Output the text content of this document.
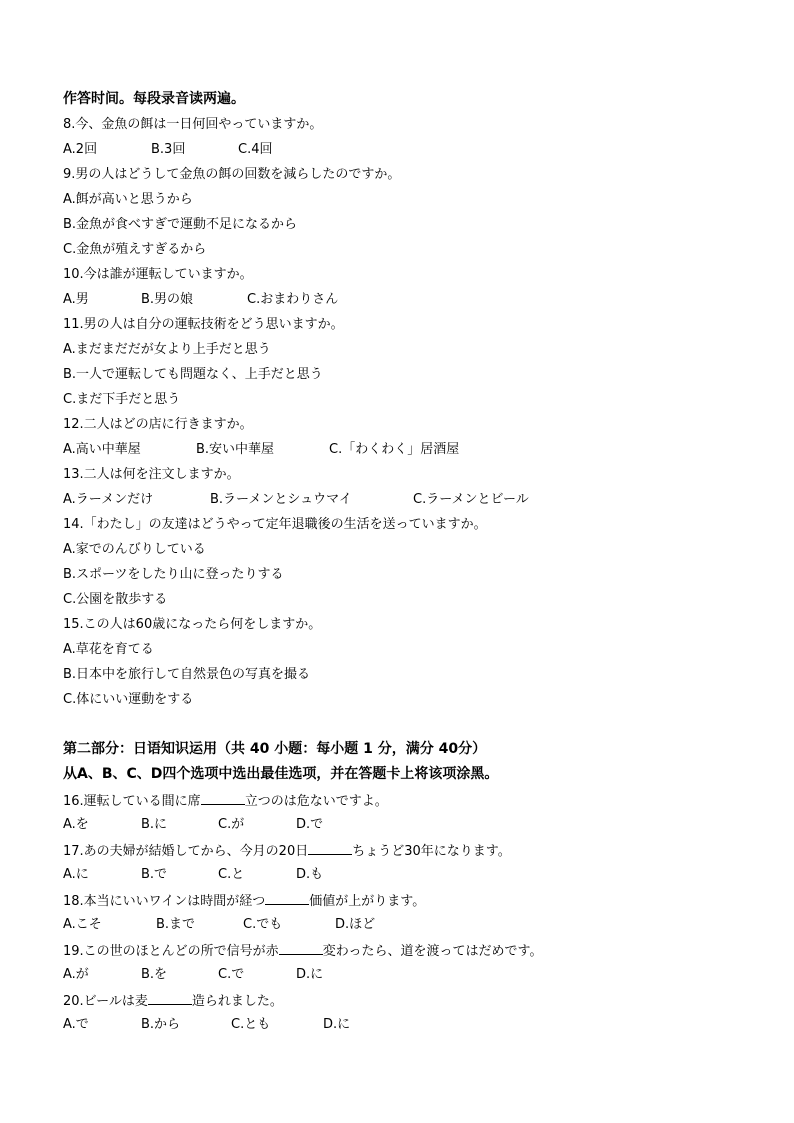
作答时间。每段录音读两遍。
8.今、金魚の餌は一日何回やっていますか。
A.2回	B.3回	C.4回
9.男の人はどうして金魚の餌の回数を減らしたのですか。
A.餌が高いと思うから
B.金魚が食べすぎで運動不足になるから
C.金魚が殖えすぎるから
10.今は誰が運転していますか。
A.男	B.男の娘	C.おまわりさん
11.男の人は自分の運転技術をどう思いますか。
A.まだまだだが女より上手だと思う
B.一人で運転しても問題なく、上手だと思う
C.まだ下手だと思う
12.二人はどの店に行きますか。
A.高い中華屋	B.安い中華屋	C.「わくわく」居酒屋
13.二人は何を注文しますか。
A.ラーメンだけ	B.ラーメンとシュウマイ	C.ラーメンとビール
14.「わたし」の友達はどうやって定年退職後の生活を送っていますか。
A.家でのんびりしている
B.スポーツをしたり山に登ったりする
C.公園を散歩する
15.この人は60歳になったら何をしますか。
A.草花を育てる
B.日本中を旅行して自然景色の写真を撮る
C.体にいい運動をする
第二部分：日语知识运用（共 40 小题：每小题 1 分，满分 40分）
从A、B、C、D四个选项中选出最佳选项，并在答题卡上将该项涂黑。
16.運転している間に席	立つのは危ないですよ。
A.を	B.に	C.が	D.で
17.あの夫婦が結婚してから、今月の20日	ちょうど30年になります。
A.に	B.で	C.と	D.も
18.本当にいいワインは時間が経つ	価値が上がります。
A.こそ	B.まで	C.でも	D.ほど
19.この世のほとんどの所で信号が赤	変わったら、道を渡ってはだめです。
A.が	B.を	C.で	D.に
20.ビールは麦	造られました。
A.で	B.から	C.とも	D.に
